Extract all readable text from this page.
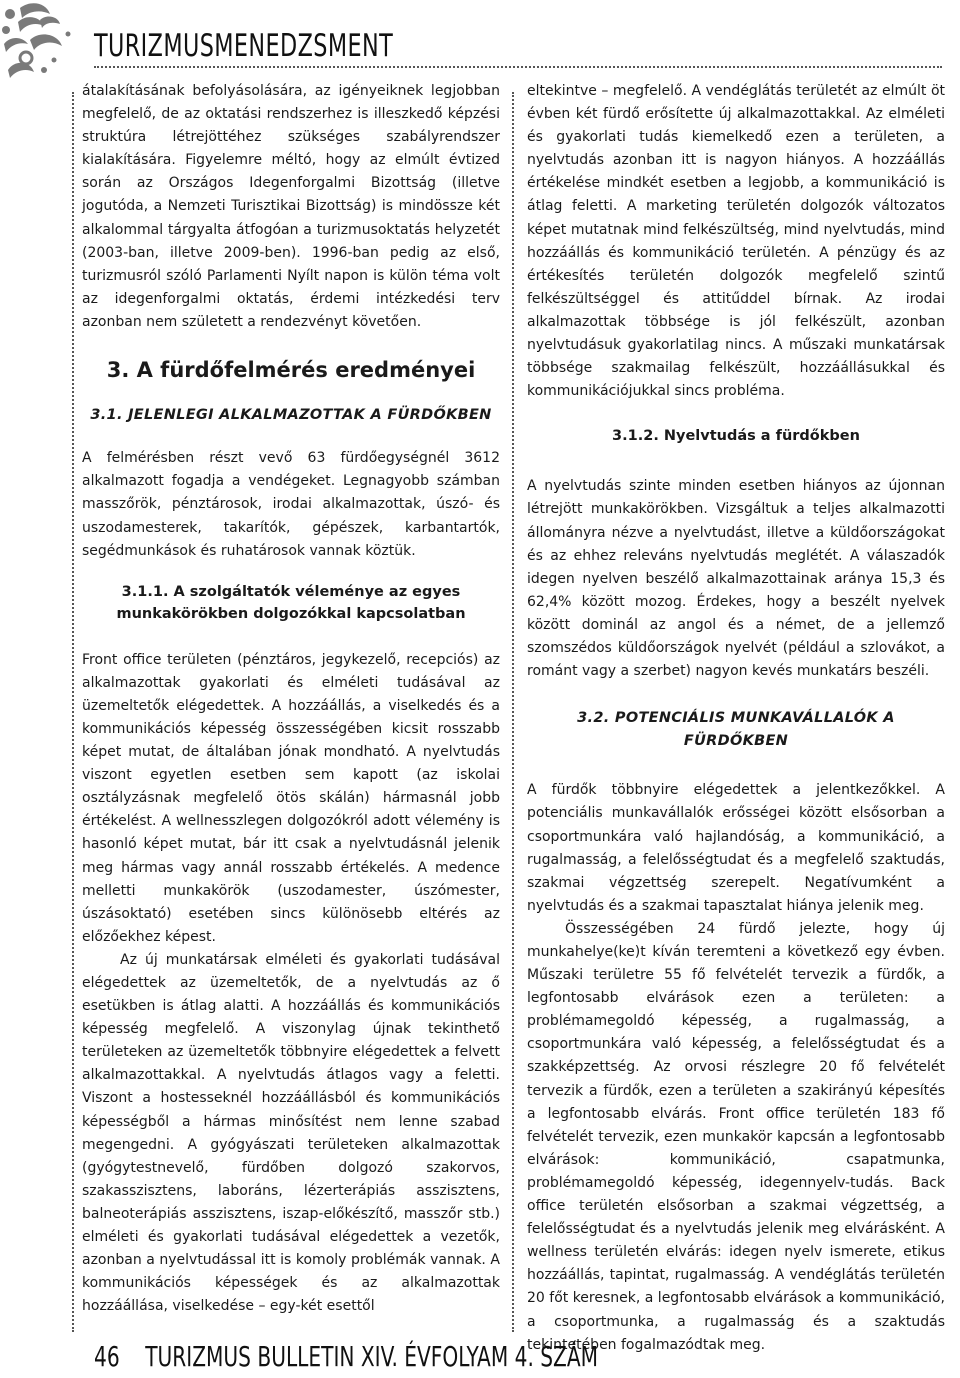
TURIZMUSMENEDZSMENT

átalakításának befolyásolására, az igényeiknek legjobban megfelelő, de az oktatási rendszerhez is illeszkedő képzési struktúra létrejöttéhez szükséges szabályrendszer kialakítására. Figyelemre méltó, hogy az elmúlt évtized során az Országos Idegenforgalmi Bizottság (illetve jogutóda, a Nemzeti Turisztikai Bizottság) is mindössze két alkalommal tárgyalta átfogóan a turizmusoktatás helyzetét (2003-ban, illetve 2009-ben). 1996-ban pedig az első, turizmusról szóló Parlamenti Nyílt napon is külön téma volt az idegenforgalmi oktatás, érdemi intézkedési terv azonban nem született a rendezvényt követően.

3. A fürdőfelmérés eredményei
3.1. JELENLEGI ALKALMAZOTTAK A FÜRDŐKBEN

A felmérésben részt vevő 63 fürdőegységnél 3612 alkalmazott fogadja a vendégeket. Legnagyobb számban masszőrök, pénztárosok, irodai alkalmazottak, úszó- és uszodamesterek, takarítók, gépészek, karbantartók, segédmunkások és ruhatárosok vannak köztük.

3.1.1. A szolgáltatók véleménye az egyes
munkakörökben dolgozókkal kapcsolatban

Front office területen (pénztáros, jegykezelő, recepciós) az alkalmazottak gyakorlati és elméleti tudásával az üzemeltetők elégedettek. A hozzáállás, a viselkedés és a kommunikációs képesség összességében kicsit rosszabb képet mutat, de általában jónak mondható. A nyelvtudás viszont egyetlen esetben sem kapott (az iskolai osztályzásnak megfelelő ötös skálán) hármasnál jobb értékelést. A wellnesszlegen dolgozókról adott vélemény is hasonló képet mutat, bár itt csak a nyelvtudásnál jelenik meg hármas vagy annál rosszabb értékelés. A medence melletti munkakörök (uszodamester, úszómester, úszásoktató) esetében sincs különösebb eltérés az előzőekhez képest.

Az új munkatársak elméleti és gyakorlati tudásával elégedettek az üzemeltetők, de a nyelvtudás az ő esetükben is átlag alatti. A hozzáállás és kommunikációs képesség megfelelő. A viszonylag újnak tekinthető területeken az üzemeltetők többnyire elégedettek a felvett alkalmazottakkal. A nyelvtudás átlagos vagy a feletti. Viszont a hostesseknél hozzáállásból és kommunikációs képességből a hármas minősítést nem lenne szabad megengedni. A gyógyászati területeken alkalmazottak (gyógytestnevelő, fürdőben dolgozó szakorvos, szakasszisztens, laboráns, lézerterápiás asszisztens, balneoterápiás asszisztens, iszap-előkészítő, masszőr stb.) elméleti és gyakorlati tudásával elégedettek a vezetők, azonban a nyelvtudással itt is komoly problémák vannak. A kommunikációs képességek és az alkalmazottak hozzáállása, viselkedése – egy-két esettől

eltekintve – megfelelő. A vendéglátás területét az elmúlt öt évben két fürdő erősítette új alkalmazottakkal. Az elméleti és gyakorlati tudás kiemelkedő ezen a területen, a nyelvtudás azonban itt is nagyon hiányos. A hozzáállás értékelése mindkét esetben a legjobb, a kommunikáció is átlag feletti. A marketing területén dolgozók változatos képet mutatnak mind felkészültség, mind nyelvtudás, mind hozzáállás és kommunikáció területén. A pénzügy és az értékesítés területén dolgozók megfelelő szintű felkészültséggel és attitűddel bírnak. Az irodai alkalmazottak többsége is jól felkészült, azonban nyelvtudásuk gyakorlatilag nincs. A műszaki munkatársak többsége szakmailag felkészült, hozzáállásukkal és kommunikációjukkal sincs probléma.

3.1.2. Nyelvtudás a fürdőkben

A nyelvtudás szinte minden esetben hiányos az újonnan létrejött munkakörökben. Vizsgáltuk a teljes alkalmazotti állományra nézve a nyelvtudást, illetve a küldőországokat és az ehhez releváns nyelvtudás meglétét. A válaszadók idegen nyelven beszélő alkalmazottainak aránya 15,3 és 62,4% között mozog. Érdekes, hogy a beszélt nyelvek között dominál az angol és a német, de a jellemző szomszédos küldőországok nyelvét (például a szlovákot, a románt vagy a szerbet) nagyon kevés munkatárs beszéli.

3.2. POTENCIÁLIS MUNKAVÁLLALÓK A FÜRDŐKBEN

A fürdők többnyire elégedettek a jelentkezőkkel. A potenciális munkavállalók erősségei között elsősorban a csoportmunkára való hajlandóság, a kommunikáció, a rugalmasság, a felelősségtudat és a megfelelő szaktudás, szakmai végzettség szerepelt. Negatívumként a nyelvtudás és a szakmai tapasztalat hiánya jelenik meg.

Összességében 24 fürdő jelezte, hogy új munkahelye(ke)t kíván teremteni a következő egy évben. Műszaki területre 55 fő felvételét tervezik a fürdők, a legfontosabb elvárások ezen a területen: a problémamegoldó képesség, a rugalmasság, a csoportmunkára való képesség, a felelősségtudat és a szakképzettség. Az orvosi részlegre 20 fő felvételét tervezik a fürdők, ezen a területen a szakirányú képesítés a legfontosabb elvárás. Front office területén 183 fő felvételét tervezik, ezen munkakör kapcsán a legfontosabb elvárások: kommunikáció, csapatmunka, problémamegoldó képesség, idegennyelv-tudás. Back office területén elsősorban a szakmai végzettség, a felelősségtudat és a nyelvtudás jelenik meg elvárásként. A wellness területén elvárás: idegen nyelv ismerete, etikus hozzáállás, tapintat, rugalmasság. A vendéglátás területén 20 főt keresnek, a legfontosabb elvárások a kommunikáció, a csoportmunka, a rugalmasság és a szaktudás tekintetében fogalmazódtak meg.

46 TURIZMUS BULLETIN XIV. ÉVFOLYAM 4. SZÁM
